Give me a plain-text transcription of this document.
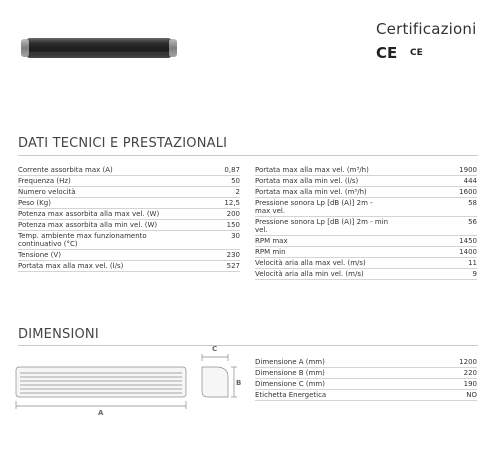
Certificazioni
CE CE
DATI TECNICI E PRESTAZIONALI
Corrente assorbita max (A)	0,87
Frequenza (Hz)	50
Numero velocità	2
Peso (Kg)	12,5
Potenza max assorbita alla max vel. (W)	200
Potenza max assorbita alla min vel. (W)	150
Temp. ambiente max funzionamento continuativo (°C)	30
Tensione (V)	230
Portata max alla max vel. (l/s)	527
Portata max alla max vel. (m³/h)	1900
Portata max alla min vel. (l/s)	444
Portata max alla min vel. (m³/h)	1600
Pressione sonora Lp [dB (A)] 2m - max vel.	58
Pressione sonora Lp [dB (A)] 2m - min vel.	56
RPM max	1450
RPM min	1400
Velocità aria alla max vel. (m/s)	11
Velocità aria alla min vel. (m/s)	9
DIMENSIONI
A
C
B
Dimensione A (mm)	1200
Dimensione B (mm)	220
Dimensione C (mm)	190
Etichetta Energetica	NO
